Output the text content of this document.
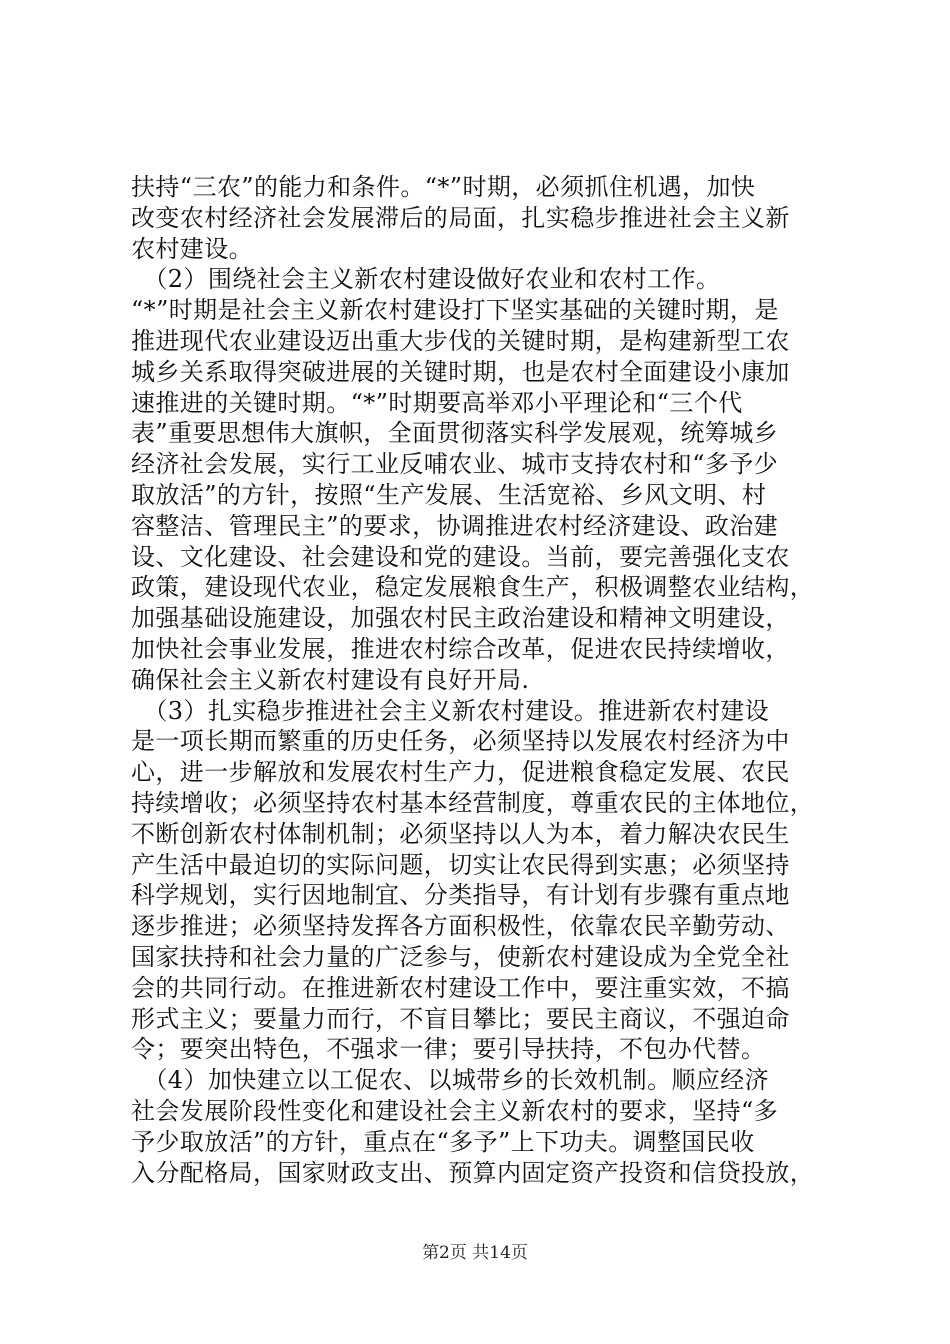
扶持“三农”的能力和条件。“*”时期，必须抓住机遇，加快
改变农村经济社会发展滞后的局面，扎实稳步推进社会主义新
农村建设。
　（2）围绕社会主义新农村建设做好农业和农村工作。
“*”时期是社会主义新农村建设打下坚实基础的关键时期，是
推进现代农业建设迈出重大步伐的关键时期，是构建新型工农
城乡关系取得突破进展的关键时期，也是农村全面建设小康加
速推进的关键时期。“*”时期要高举邓小平理论和“三个代
表”重要思想伟大旗帜，全面贯彻落实科学发展观，统筹城乡
经济社会发展，实行工业反哺农业、城市支持农村和“多予少
取放活”的方针，按照“生产发展、生活宽裕、乡风文明、村
容整洁、管理民主”的要求，协调推进农村经济建设、政治建
设、文化建设、社会建设和党的建设。当前，要完善强化支农
政策，建设现代农业，稳定发展粮食生产，积极调整农业结构，
加强基础设施建设，加强农村民主政治建设和精神文明建设，
加快社会事业发展，推进农村综合改革，促进农民持续增收，
确保社会主义新农村建设有良好开局.
　（3）扎实稳步推进社会主义新农村建设。推进新农村建设
是一项长期而繁重的历史任务，必须坚持以发展农村经济为中
心，进一步解放和发展农村生产力，促进粮食稳定发展、农民
持续增收；必须坚持农村基本经营制度，尊重农民的主体地位，
不断创新农村体制机制；必须坚持以人为本，着力解决农民生
产生活中最迫切的实际问题，切实让农民得到实惠；必须坚持
科学规划，实行因地制宜、分类指导，有计划有步骤有重点地
逐步推进；必须坚持发挥各方面积极性，依靠农民辛勤劳动、
国家扶持和社会力量的广泛参与，使新农村建设成为全党全社
会的共同行动。在推进新农村建设工作中，要注重实效，不搞
形式主义；要量力而行，不盲目攀比；要民主商议，不强迫命
令；要突出特色，不强求一律；要引导扶持，不包办代替。
　（4）加快建立以工促农、以城带乡的长效机制。顺应经济
社会发展阶段性变化和建设社会主义新农村的要求，坚持“多
予少取放活”的方针，重点在“多予”上下功夫。调整国民收
入分配格局，国家财政支出、预算内固定资产投资和信贷投放，
第2页 共14页
